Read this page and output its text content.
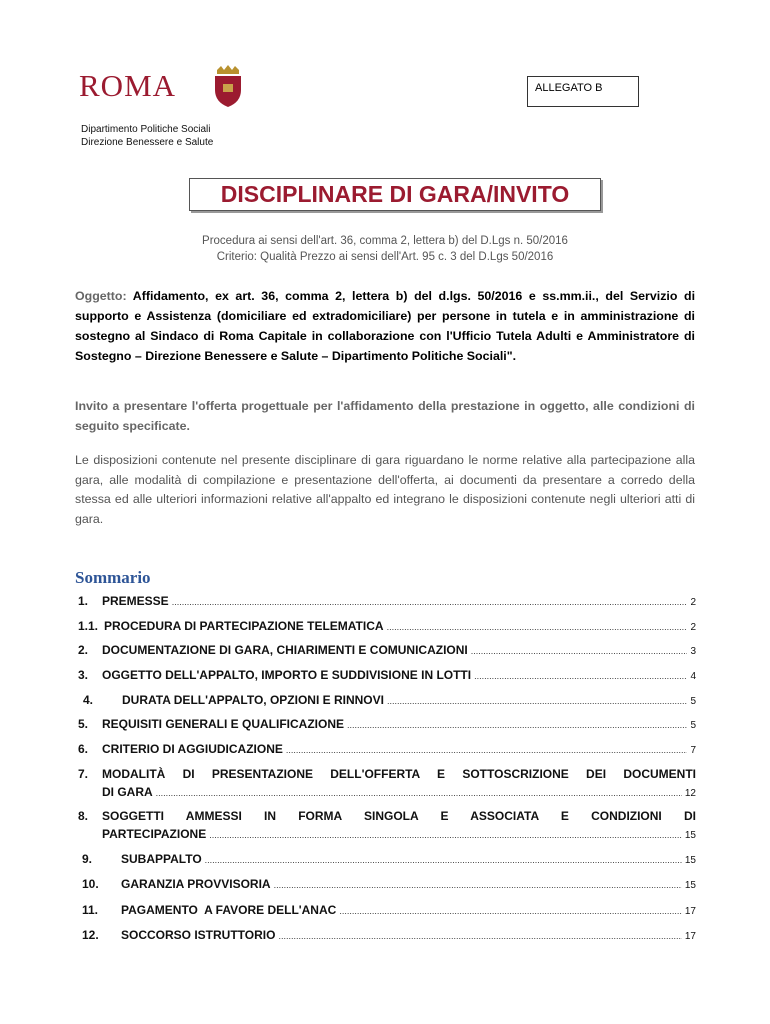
ROMA	ALLEGATO B
Dipartimento Politiche Sociali
Direzione Benessere e Salute
DISCIPLINARE DI GARA/INVITO
Procedura ai sensi dell'art. 36, comma 2, lettera b) del D.Lgs n. 50/2016
Criterio: Qualità Prezzo ai sensi dell'Art. 95 c. 3 del D.Lgs 50/2016
Oggetto: Affidamento, ex art. 36, comma 2, lettera b) del d.lgs. 50/2016 e ss.mm.ii., del Servizio di supporto e Assistenza (domiciliare ed extradomiciliare) per persone in tutela e in amministrazione di sostegno al Sindaco di Roma Capitale in collaborazione con l'Ufficio Tutela Adulti e Amministratore di Sostegno – Direzione Benessere e Salute – Dipartimento Politiche Sociali".
Invito a presentare l'offerta progettuale per l'affidamento della prestazione in oggetto, alle condizioni di seguito specificate.
Le disposizioni contenute nel presente disciplinare di gara riguardano le norme relative alla partecipazione alla gara, alle modalità di compilazione e presentazione dell'offerta, ai documenti da presentare a corredo della stessa ed alle ulteriori informazioni relative all'appalto ed integrano le disposizioni contenute negli ulteriori atti di gara.
Sommario
1.	PREMESSE .....	2
1.1. PROCEDURA DI PARTECIPAZIONE TELEMATICA .....	2
2.	DOCUMENTAZIONE DI GARA, CHIARIMENTI E COMUNICAZIONI .....	3
3.	OGGETTO DELL'APPALTO, IMPORTO E SUDDIVISIONE IN LOTTI .....	4
4.	DURATA DELL'APPALTO, OPZIONI E RINNOVI .....	5
5.	REQUISITI GENERALI E QUALIFICAZIONE .....	5
6.	CRITERIO DI AGGIUDICAZIONE .....	7
7.	MODALITÀ DI PRESENTAZIONE DELL'OFFERTA E SOTTOSCRIZIONE DEI DOCUMENTI
DI GARA .....	12
8.	SOGGETTI AMMESSI IN FORMA SINGOLA E ASSOCIATA E CONDIZIONI DI
PARTECIPAZIONE .....	15
9.	SUBAPPALTO .....	15
10.	GARANZIA PROVVISORIA .....	15
11.	PAGAMENTO  A FAVORE DELL'ANAC .....	17
12.	SOCCORSO ISTRUTTORIO .....	17
